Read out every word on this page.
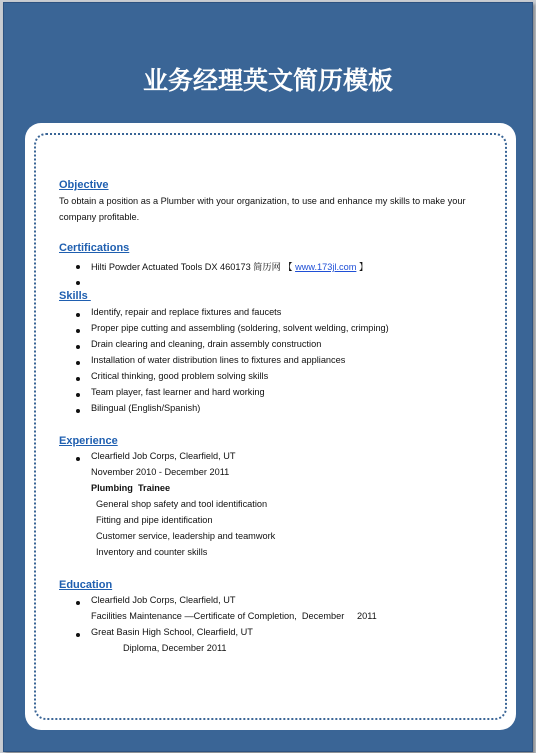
业务经理英文简历模板
Objective
To obtain a position as a Plumber with your organization, to use and enhance my skills to make your company profitable.
Certifications
Hilti Powder Actuated Tools DX 460173 简历网 【 www.173jl.com 】
Skills
Identify, repair and replace fixtures and faucets
Proper pipe cutting and assembling (soldering, solvent welding, crimping)
Drain clearing and cleaning, drain assembly construction
Installation of water distribution lines to fixtures and appliances
Critical thinking, good problem solving skills
Team player, fast learner and hard working
Bilingual (English/Spanish)
Experience
Clearfield Job Corps, Clearfield, UT
November 2010 - December 2011
Plumbing  Trainee
General shop safety and tool identification
Fitting and pipe identification
Customer service, leadership and teamwork
Inventory and counter skills
Education
Clearfield Job Corps, Clearfield, UT
Facilities Maintenance —Certificate of Completion,  December     2011
Great Basin High School, Clearfield, UT
Diploma, December 2011
